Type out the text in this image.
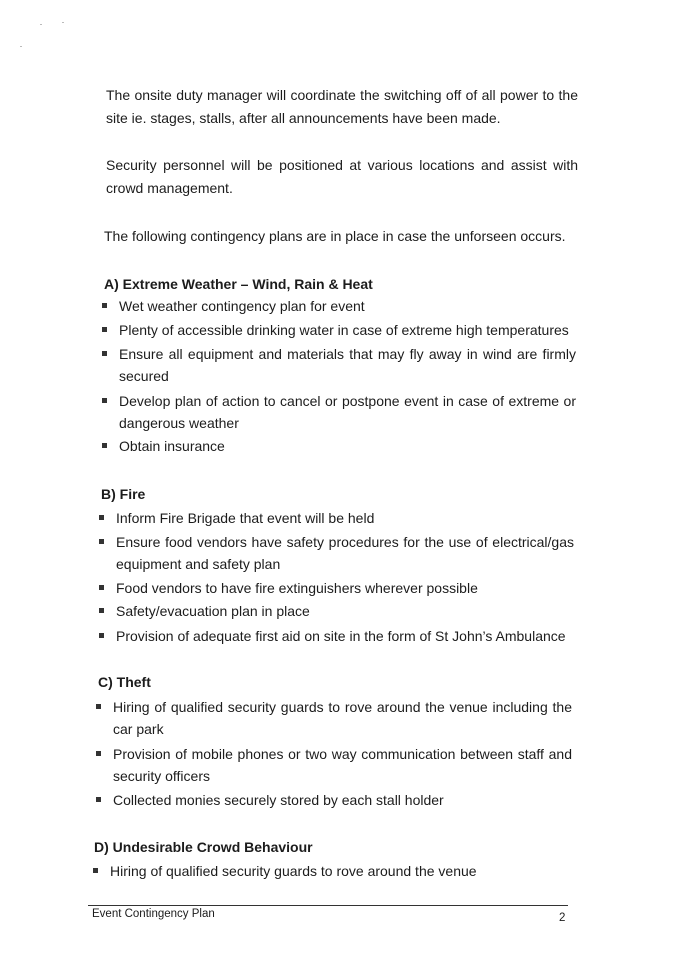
The onsite duty manager will coordinate the switching off of all power to the site ie. stages, stalls, after all announcements have been made.

Security personnel will be positioned at various locations and assist with crowd management.

The following contingency plans are in place in case the unforseen occurs.

A) Extreme Weather – Wind, Rain & Heat
Wet weather contingency plan for event
Plenty of accessible drinking water in case of extreme high temperatures
Ensure all equipment and materials that may fly away in wind are firmly secured
Develop plan of action to cancel or postpone event in case of extreme or dangerous weather
Obtain insurance
B) Fire
Inform Fire Brigade that event will be held
Ensure food vendors have safety procedures for the use of electrical/gas equipment and safety plan
Food vendors to have fire extinguishers wherever possible
Safety/evacuation plan in place
Provision of adequate first aid on site in the form of St John’s Ambulance
C) Theft
Hiring of qualified security guards to rove around the venue including the car park
Provision of mobile phones or two way communication between staff and security officers
Collected monies securely stored by each stall holder
D) Undesirable Crowd Behaviour
Hiring of qualified security guards to rove around the venue
Event Contingency Plan	2
